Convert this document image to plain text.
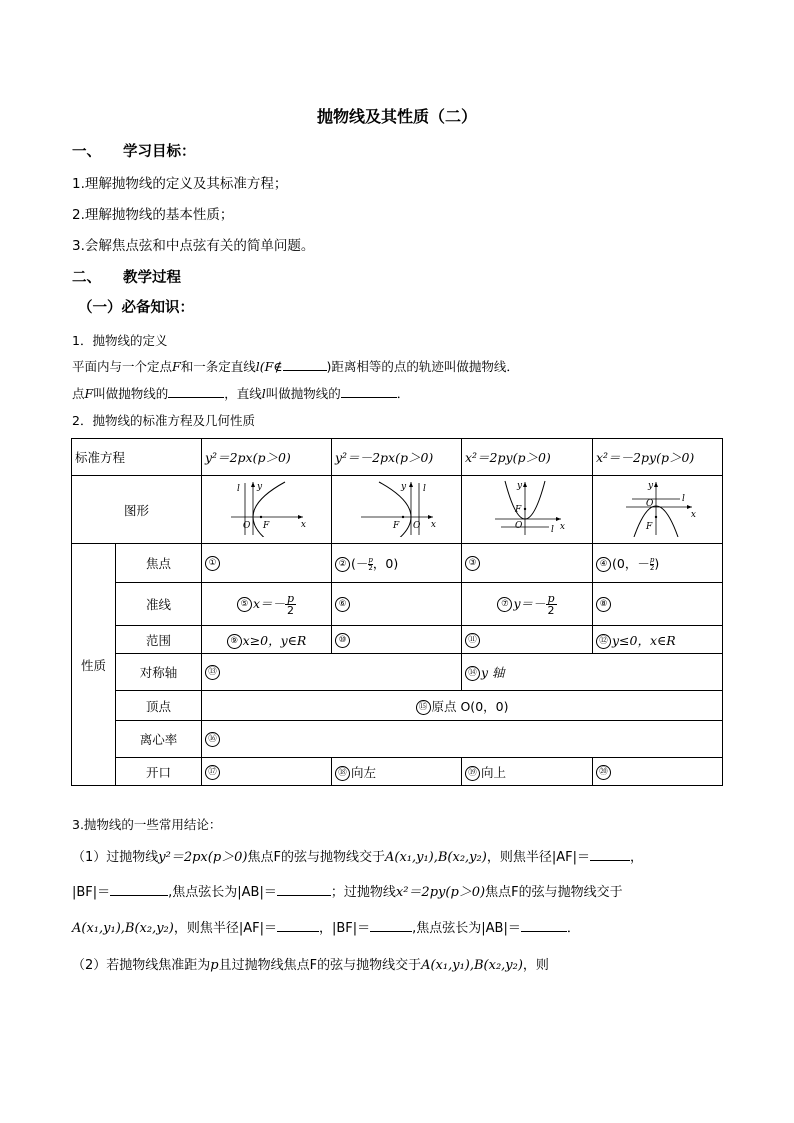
抛物线及其性质（二）
一、 学习目标：
1.理解抛物线的定义及其标准方程；
2.理解抛物线的基本性质；
3.会解焦点弦和中点弦有关的简单问题。
二、 教学过程
（一）必备知识：
1．抛物线的定义
平面内与一个定点F和一条定直线l(F∉	)距离相等的点的轨迹叫做抛物线．
点F叫做抛物线的	，直线l叫做抛物线的	．
2．抛物线的标准方程及几何性质
标准方程		y²＝2px(p＞0)	y²＝－2px(p＞0)	x²＝2py(p＞0)	x²＝－2py(p＞0)
图形		x
y
l
O F	x
y l
O
F	x
y
l
O
F	x
y
l
O
F

性质	焦点	①	② (－ $\frac{p}{2}$，0)	③	④ (0，－ $\frac{p}{2}$)
	准线	⑤ $x=- \frac{p}{2}$	⑥	⑦ $y=- \frac{p}{2}$	⑧
	范围	⑨ x≥0，y∈R	⑩	⑪	⑫ y≤0，x∈R
	对称轴	⑬		⑭ y 轴	
	顶点	⑮ 原点 O(0，0)			
	离心率	⑯			
	开口	⑰	⑱ 向左	⑲ 向上	⑳
3.抛物线的一些常用结论：
（1）过抛物线y²＝2px(p＞0)焦点F的弦与抛物线交于A(x₁,y₁),B(x₂,y₂)，则焦半径|AF|＝	，
|BF|＝	,焦点弦长为|AB|＝	；过抛物线x²＝2py(p＞0)焦点F的弦与抛物线交于
A(x₁,y₁),B(x₂,y₂)，则焦半径|AF|＝	，|BF|＝	,焦点弦长为|AB|＝	．
（2）若抛物线焦准距为p且过抛物线焦点F的弦与抛物线交于A(x₁,y₁),B(x₂,y₂)，则
